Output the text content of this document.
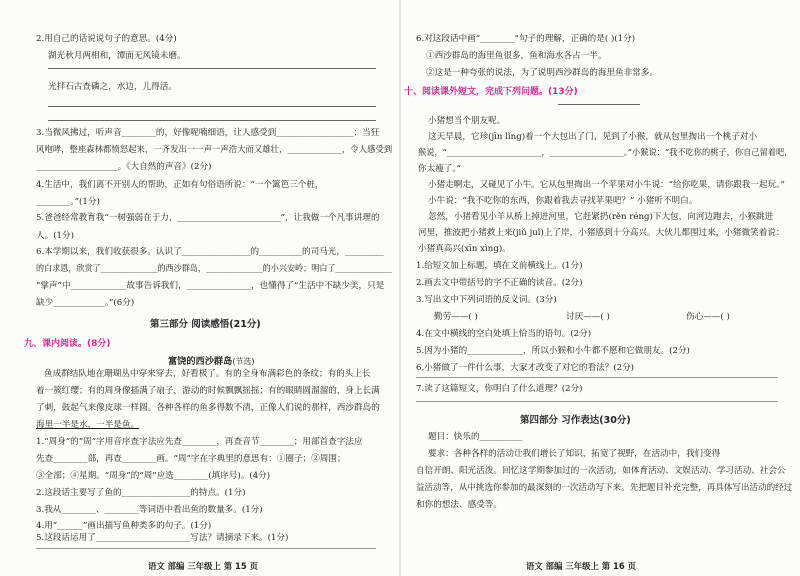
2.用自己的话说说句子的意思。(4分)
湖光秋月两相和，潭面无风镜未磨。
光拌石古查磷之，水边，儿得活。
3.当微风拂过，听声音________的，好像呢喃细语，让人感受到__________________；当狂
风咆哮，整座森林都愤怒起来，一齐发出一一声一声浩大而又雄壮，_____________，令人感受到
___________________。《大自然的声音》(2分)
4.生活中，我们离不开别人的帮助，正如有句俗语所说：“一个篱笆三个桩，
________。”(1分)
5.爸爸经常教育我“一树强弱在于力，________________________”，让我做一个凡事讲理的
人。(1分)
6.本学期以来，我们收获很多。认识了________________的__________的司马光，_________
的白求恩，欣赏了______________的西沙群岛，______________的小兴安岭；明白了______________
“掌声”中_____________故事告诉我们，_______________，也懂得了“生活中不缺少美，只是
缺少____________。”(6分)
第三部分 阅读感悟(21分)
九、课内阅读。(8分)
富饶的西沙群岛(节选)
鱼成群结队地在珊瑚丛中穿来穿去，好看极了。有的全身布满彩色的条纹；有的头上长
着一簇红缨；有的周身像插满了扇子，游动的时候飘飘摇摇；有的眼睛圆溜溜的，身上长满
了刺，鼓起气来像皮球一样圆。各种各样的鱼多得数不清，正像人们说的那样，西沙群岛的
海里一半是水，一半是鱼。
1.“周身”的“周”字用音序查字法应先查________，再查音节________；用部首查字法应
先查________部，再查________画。“周”字在字典里的意思有：①圈子；②周围；
③全部；④星期。“周身”的“周”应选________(填序号)。(4分)
2.这段话主要写了鱼的________________的特点。(1分)
3.我从________、________等词语中看出鱼的数量多。(1分)
4.用“______”画出描写鱼种类多的句子。(1分)
5.这段话运用了______________________写法？请摘录下来。(1分)
语文 部编 三年级上 第 15 页
6.对这段话中画“________”句子的理解，正确的是( )(1分)
①西沙群岛的海里鱼很多，鱼和海水各占一半。
②这是一种夸张的说法，为了说明西沙群岛的海里鱼非常多。
十、阅读课外短文，完成下列问题。(13分)
小猪想当个朋友呢。
这天早晨，它珍(jīn lǐng)着一个大包出了门，见到了小猴，就从包里掏出一个桃子对小
猴说，“_______________________，__________________。”小猴说：“我不吃你的桃子，你自己留着吧，
你太瘦了。”
小猪走啊走，又碰见了小牛。它从包里掏出一个苹果对小牛说：“给你吃果，请你跟我一起玩。”
小牛说：“我不吃你的东西，你跟着我去寻找苹果吧？” 小猪听不明白。
忽然，小猪看见小羊从桥上掉进河里，它赶紧扔(rěn réng)下大包，向河边跑去，小猴跳进
河里，推波把小猪救上来(jiǔ juǐ)上了岸，小猪感到十分高兴。大伙儿都围过来，小猪微笑着说：
小猪真高兴(xīn xìng)。
1.给短文加上标题，填在文前横线上。(1分)
2.画去文中带括号的字不正确的读音。(2分)
3.写出文中下列词语的反义词。(3分)
勤劳——( )	讨厌——( )	伤心——( )
4.在文中横线的空白处填上恰当的语句。(2分)
5.因为小猪的_____________，所以小猴和小牛都不愿和它做朋友。(2分)
6.小猪做了一件什么事，大家才改变了对它的看法？(2分)
7.读了这篇短文，你明白了什么道理？(2分)
第四部分 习作表达(30分)
题目：快乐的__________
要求：各种各样的活动让我们增长了知识，拓宽了视野，在活动中，我们变得
自信开朗、阳光活泼。回忆这学期参加过的一次活动，如体育活动、文娱活动、学习活动、社会公
益活动等，从中挑选你参加的最深刻的一次活动写下来。先把题目补充完整，再具体写出活动的经过
和你的想法、感受等。
语文 部编 三年级上 第 16 页
